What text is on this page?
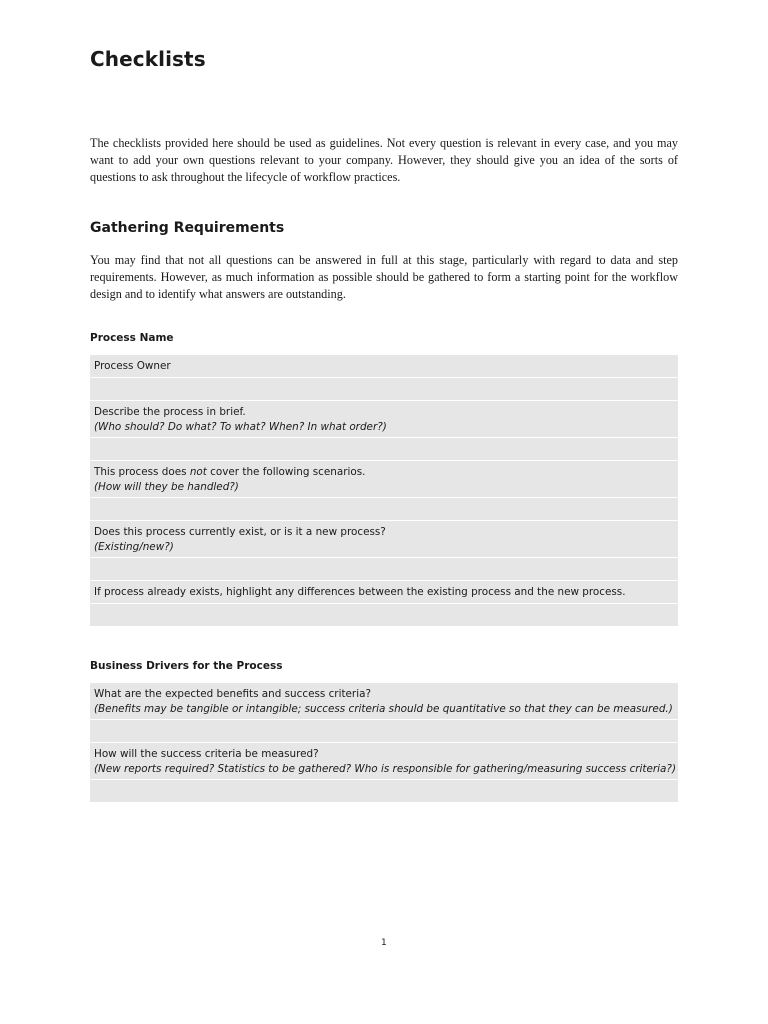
Checklists

The checklists provided here should be used as guidelines. Not every question is relevant in every case, and you may want to add your own questions relevant to your company. However, they should give you an idea of the sorts of questions to ask throughout the lifecycle of workflow practices.

Gathering Requirements

You may find that not all questions can be answered in full at this stage, particularly with regard to data and step requirements. However, as much information as possible should be gathered to form a starting point for the workflow design and to identify what answers are outstanding.

Process Name
Process Owner
Describe the process in brief.
(Who should? Do what? To what? When? In what order?)
This process does not cover the following scenarios.
(How will they be handled?)
Does this process currently exist, or is it a new process?
(Existing/new?)
If process already exists, highlight any differences between the existing process and the new process.
Business Drivers for the Process
What are the expected benefits and success criteria?
(Benefits may be tangible or intangible; success criteria should be quantitative so that they can be measured.)
How will the success criteria be measured?
(New reports required? Statistics to be gathered? Who is responsible for gathering/measuring success criteria?)
1
